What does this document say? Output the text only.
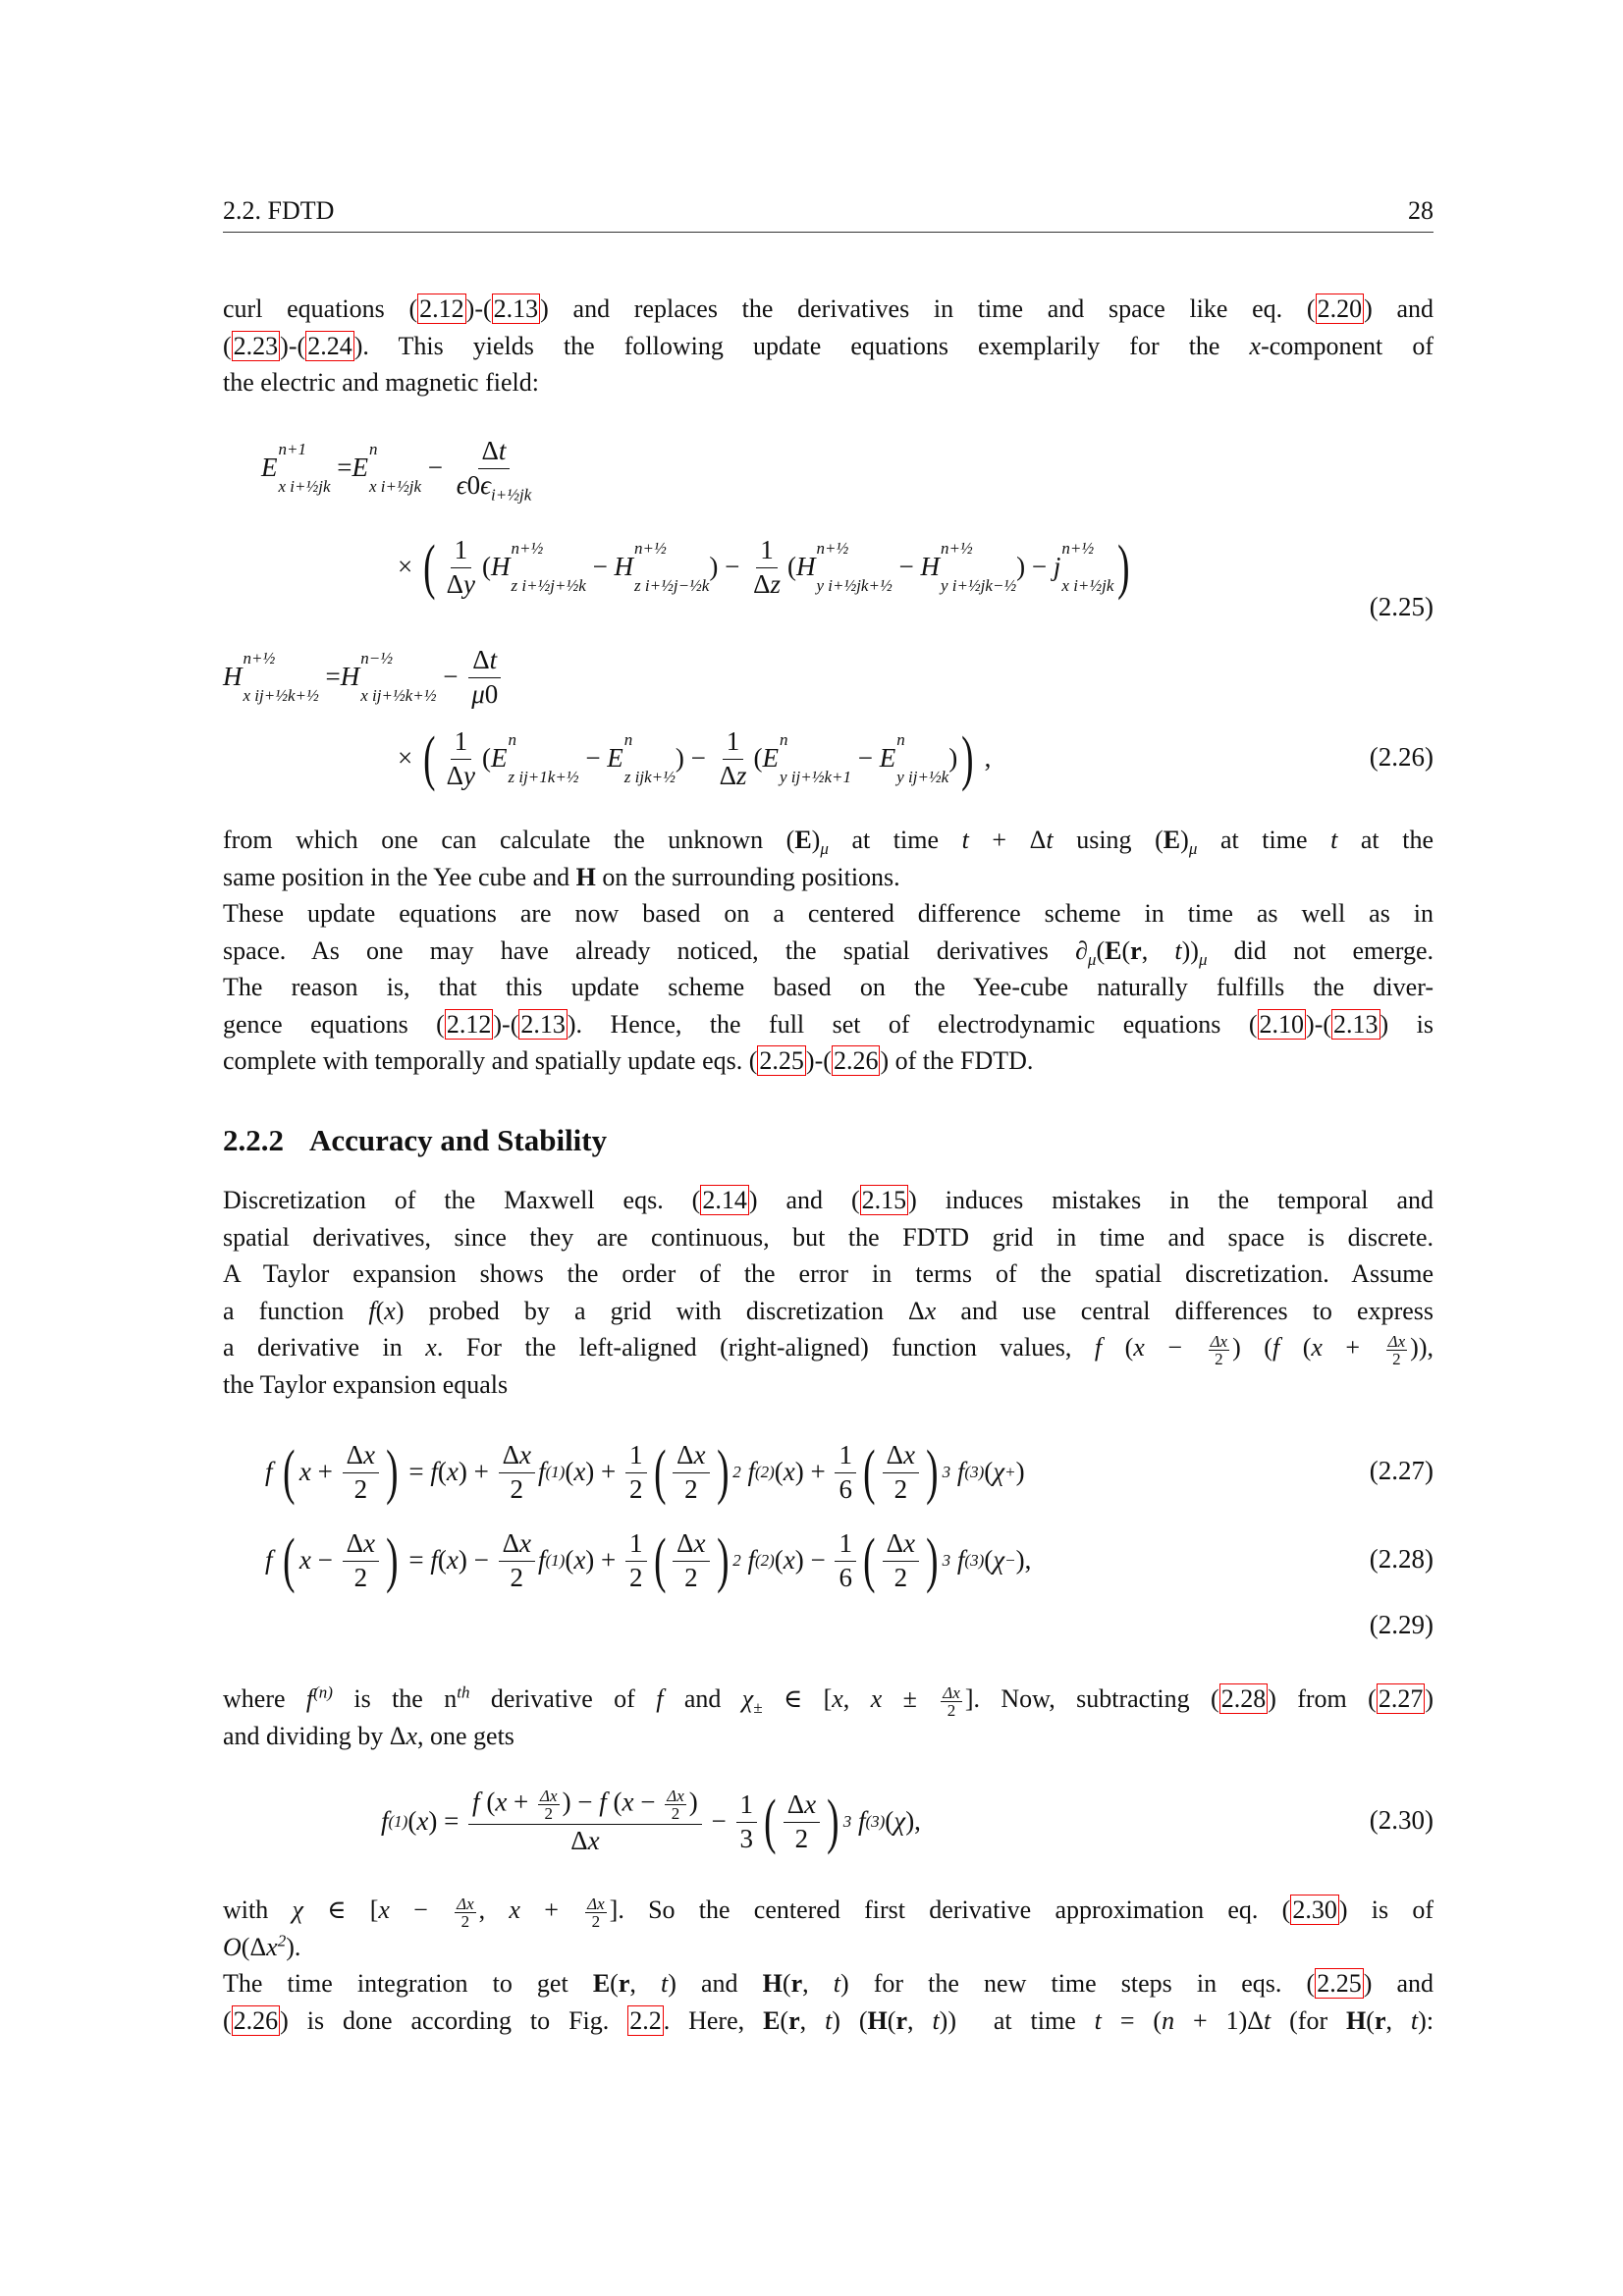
2.2. FDTD	28
curl equations (2.12)-(2.13) and replaces the derivatives in time and space like eq. (2.20) and
(2.23)-(2.24). This yields the following update equations exemplarily for the x-component of
the electric and magnetic field:
E
n+1
x i+½jk
= E
n
x i+½jk
− $\frac{\Delta t}{\epsilon 0\epsilon_{i+\frac{1}{2}jk}}$
× ( $\frac{1}{\Delta y}$ ( H
n+½
z i+½j+½k
− H
n+½
z i+½j−½k
) − $\frac{1}{\Delta z}$ ( H
n+½
y i+½jk+½
− H
n+½
y i+½jk−½
) − j
n+½
x i+½jk )
(2.25)
H
n+½
x ij+½k+½
= H
n−½
x ij+½k+½
− $\frac{\Delta t}{\mu 0}$
× ( $\frac{1}{\Delta y}$ ( E
n
z ij+1k+½
− E
n
z ijk+½
) − $\frac{1}{\Delta z}$ ( E
n
y ij+½k+1
− E
n
y ij+½k
) ) ,	(2.26)
from which one can calculate the unknown $(E)_\mu$ at time t + Δt using $(E)_\mu$ at time t at the
same position in the Yee cube and H on the surrounding positions.
These update equations are now based on a centered difference scheme in time as well as in
space. As one may have already noticed, the spatial derivatives $\partial_\mu(E(r$, $t))_\mu$ did not emerge.
The reason is, that this update scheme based on the Yee-cube naturally fulfills the diver-
gence equations (2.12)-(2.13). Hence, the full set of electrodynamic equations (2.10)-(2.13) is
complete with temporally and spatially update eqs. (2.25)-(2.26) of the FDTD.
2.2.2 Accuracy and Stability
Discretization of the Maxwell eqs. (2.14) and (2.15) induces mistakes in the temporal and
spatial derivatives, since they are continuous, but the FDTD grid in time and space is discrete.
A Taylor expansion shows the order of the error in terms of the spatial discretization. Assume
a function f(x) probed by a grid with discretization Δx and use central differences to express
a derivative in x. For the left-aligned (right-aligned) function values, f ($x - \frac{\Delta x}{2}$ ) (f ($x + \frac{\Delta x}{2}$ )),
the Taylor expansion equals
f
( $x + \frac{\Delta x}{2}$ ) = f ( x ) + $\frac{\Delta x}{2}$ f (1) ( x ) + $\frac{1}{2}$ ( $\frac{\Delta x}{2}$ ) 2
f (2) ( x ) + $\frac{1}{6}$ ( $\frac{\Delta x}{2}$ ) 3
f (3) ( χ + )	(2.27)
f
( $x - \frac{\Delta x}{2}$ ) = f ( x ) − $\frac{\Delta x}{2}$ f (1) ( x ) + $\frac{1}{2}$ ( $\frac{\Delta x}{2}$ ) 2
f (2) ( x ) − $\frac{1}{6}$ ( $\frac{\Delta x}{2}$ ) 3
f (3) ( χ − ),	(2.28)
(2.29)
where $f^{(n)}$ is the $n^{th}$ derivative of f and $\chi_\pm$ ∈ [x, $x \pm \frac{\Delta x}{2}$ ]. Now, subtracting (2.28) from (2.27)
and dividing by Δx, one gets
f (1) ( x ) = $\frac{f (x + \frac{\Delta x}{2} ) - f (x - \frac{\Delta x}{2} )}{\Delta x} - \frac{1}{3}$ ( $\frac{\Delta x}{2}$ ) 3
f (3) ( χ ),	(2.30)
with χ ∈ [$x - \frac{\Delta x}{2}$ , $x + \frac{\Delta x}{2}$ ]. So the centered first derivative approximation eq. (2.30) is of
$O(\Delta x^2)$.
The time integration to get E(r, t) and H(r, t) for the new time steps in eqs. (2.25) and
(2.26) is done according to Fig. 2.2. Here, E(r, t) (H(r, t))  at time t = (n + 1)Δt (for H(r, t):
